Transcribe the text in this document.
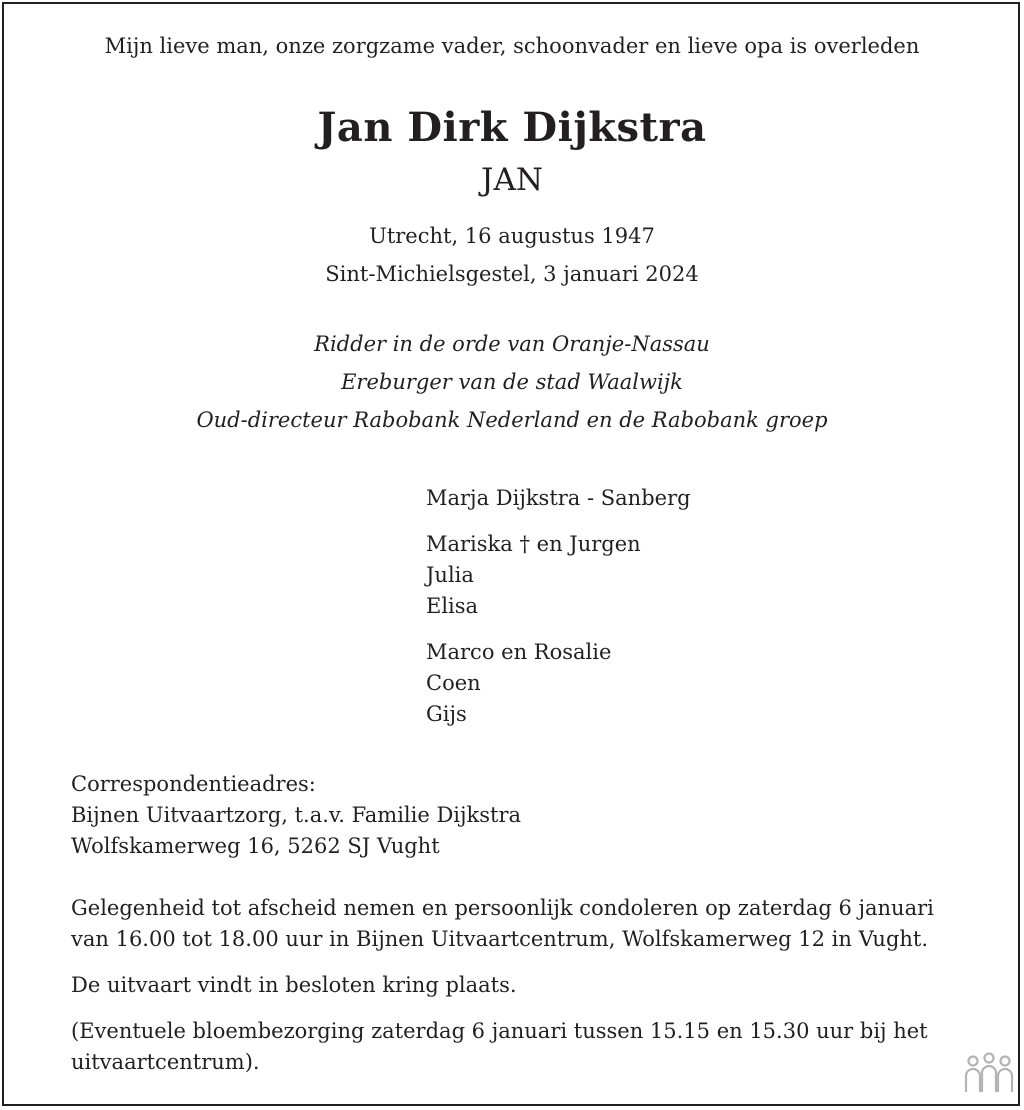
Mijn lieve man, onze zorgzame vader, schoonvader en lieve opa is overleden
Jan Dirk Dijkstra
JAN
Utrecht, 16 augustus 1947
Sint-Michielsgestel, 3 januari 2024
Ridder in de orde van Oranje-Nassau
Ereburger van de stad Waalwijk
Oud-directeur Rabobank Nederland en de Rabobank groep
Marja Dijkstra - Sanberg
Mariska † en Jurgen
Julia
Elisa
Marco en Rosalie
Coen
Gijs
Correspondentieadres:
Bijnen Uitvaartzorg, t.a.v. Familie Dijkstra
Wolfskamerweg 16, 5262 SJ Vught
Gelegenheid tot afscheid nemen en persoonlijk condoleren op zaterdag 6 januari
van 16.00 tot 18.00 uur in Bijnen Uitvaartcentrum, Wolfskamerweg 12 in Vught.
De uitvaart vindt in besloten kring plaats.
(Eventuele bloembezorging zaterdag 6 januari tussen 15.15 en 15.30 uur bij het
uitvaartcentrum).
